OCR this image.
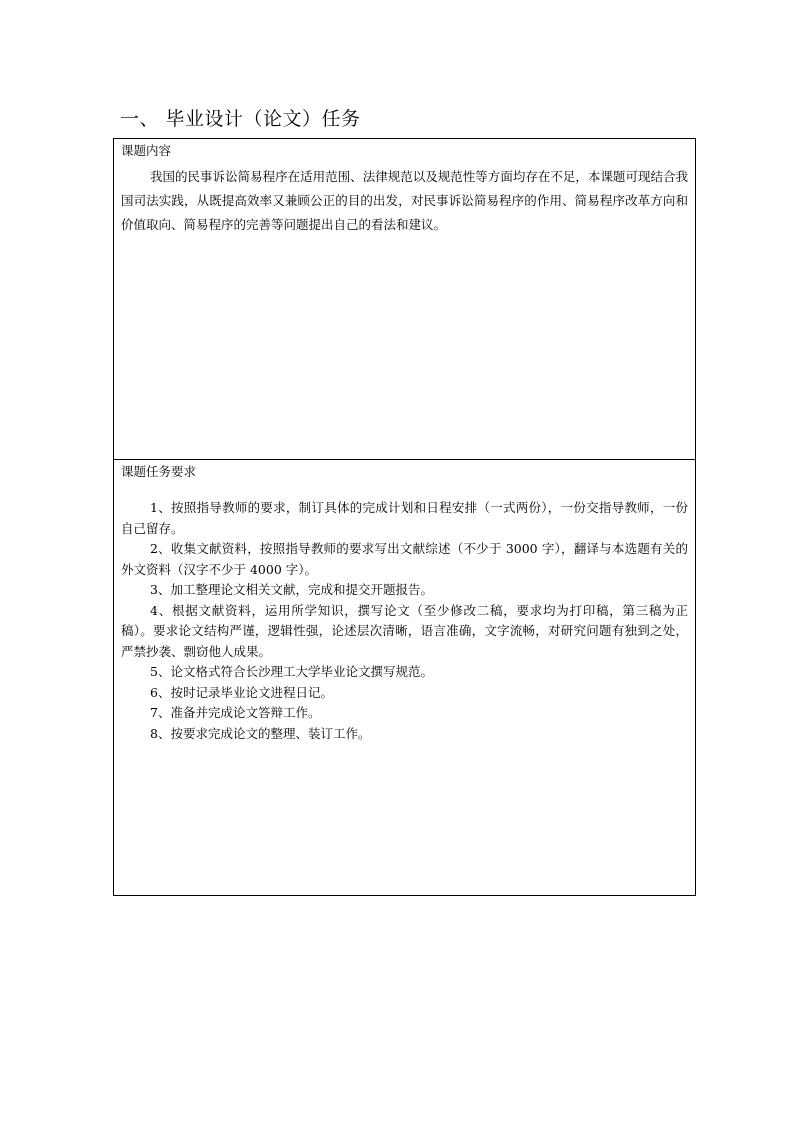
一、 毕业设计（论文）任务
课题内容

我国的民事诉讼简易程序在适用范围、法律规范以及规范性等方面均存在不足，本课题可现结合我国司法实践，从既提高效率又兼顾公正的目的出发，对民事诉讼简易程序的作用、简易程序改革方向和价值取向、简易程序的完善等问题提出自己的看法和建议。

课题任务要求

1、按照指导教师的要求，制订具体的完成计划和日程安排（一式两份），一份交指导教师，一份自己留存。

2、收集文献资料，按照指导教师的要求写出文献综述（不少于 3000 字），翻译与本选题有关的外文资料（汉字不少于 4000 字）。

3、加工整理论文相关文献，完成和提交开题报告。

4、根据文献资料，运用所学知识，撰写论文（至少修改二稿，要求均为打印稿，第三稿为正稿）。要求论文结构严谨，逻辑性强，论述层次清晰，语言准确，文字流畅，对研究问题有独到之处，严禁抄袭、剽窃他人成果。

5、论文格式符合长沙理工大学毕业论文撰写规范。

6、按时记录毕业论文进程日记。

7、准备并完成论文答辩工作。

8、按要求完成论文的整理、装订工作。
